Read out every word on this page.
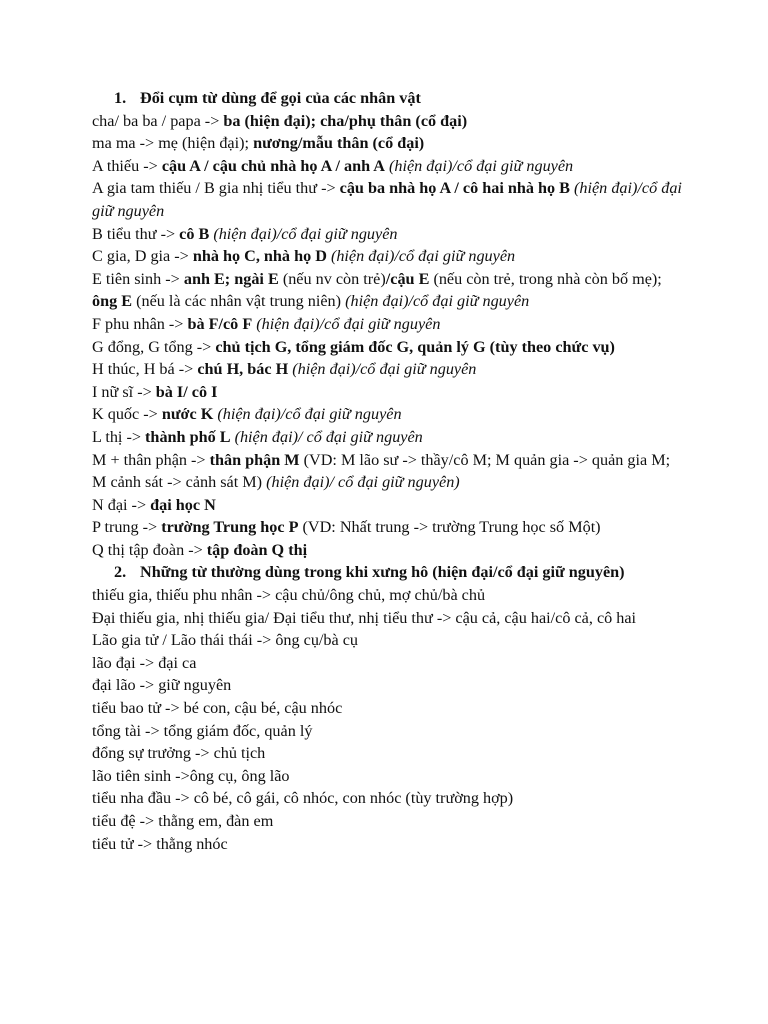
1. Đổi cụm từ dùng để gọi của các nhân vật
cha/ ba ba / papa -> ba (hiện đại); cha/phụ thân (cổ đại)
ma ma -> mẹ (hiện đại); nương/mẫu thân (cổ đại)
A thiếu -> cậu A / cậu chủ nhà họ A / anh A (hiện đại)/cổ đại giữ nguyên
A gia tam thiếu / B gia nhị tiểu thư -> cậu ba nhà họ A / cô hai nhà họ B (hiện đại)/cổ đại giữ nguyên
B tiểu thư -> cô B (hiện đại)/cổ đại giữ nguyên
C gia, D gia -> nhà họ C, nhà họ D (hiện đại)/cổ đại giữ nguyên
E tiên sinh -> anh E; ngài E (nếu nv còn trẻ)/cậu E (nếu còn trẻ, trong nhà còn bố mẹ); ông E (nếu là các nhân vật trung niên) (hiện đại)/cổ đại giữ nguyên
F phu nhân -> bà F/cô F (hiện đại)/cổ đại giữ nguyên
G đổng, G tổng -> chủ tịch G, tổng giám đốc G, quản lý G (tùy theo chức vụ)
H thúc, H bá -> chú H, bác H (hiện đại)/cổ đại giữ nguyên
I nữ sĩ -> bà I/ cô I
K quốc -> nước K (hiện đại)/cổ đại giữ nguyên
L thị -> thành phố L (hiện đại)/ cổ đại giữ nguyên
M + thân phận -> thân phận M (VD: M lão sư -> thầy/cô M; M quản gia -> quản gia M; M cảnh sát -> cảnh sát M) (hiện đại)/ cổ đại giữ nguyên)
N đại -> đại học N
P trung -> trường Trung học P (VD: Nhất trung -> trường Trung học số Một)
Q thị tập đoàn -> tập đoàn Q thị
2. Những từ thường dùng trong khi xưng hô (hiện đại/cổ đại giữ nguyên)
thiếu gia, thiếu phu nhân -> cậu chủ/ông chủ, mợ chủ/bà chủ
Đại thiếu gia, nhị thiếu gia/ Đại tiểu thư, nhị tiểu thư -> cậu cả, cậu hai/cô cả, cô hai
Lão gia tử / Lão thái thái -> ông cụ/bà cụ
lão đại -> đại ca
đại lão -> giữ nguyên
tiểu bao tử -> bé con, cậu bé, cậu nhóc
tổng tài -> tổng giám đốc, quản lý
đổng sự trưởng -> chủ tịch
lão tiên sinh ->ông cụ, ông lão
tiểu nha đầu -> cô bé, cô gái, cô nhóc, con nhóc (tùy trường hợp)
tiểu đệ -> thằng em, đàn em
tiểu tử -> thằng nhóc
